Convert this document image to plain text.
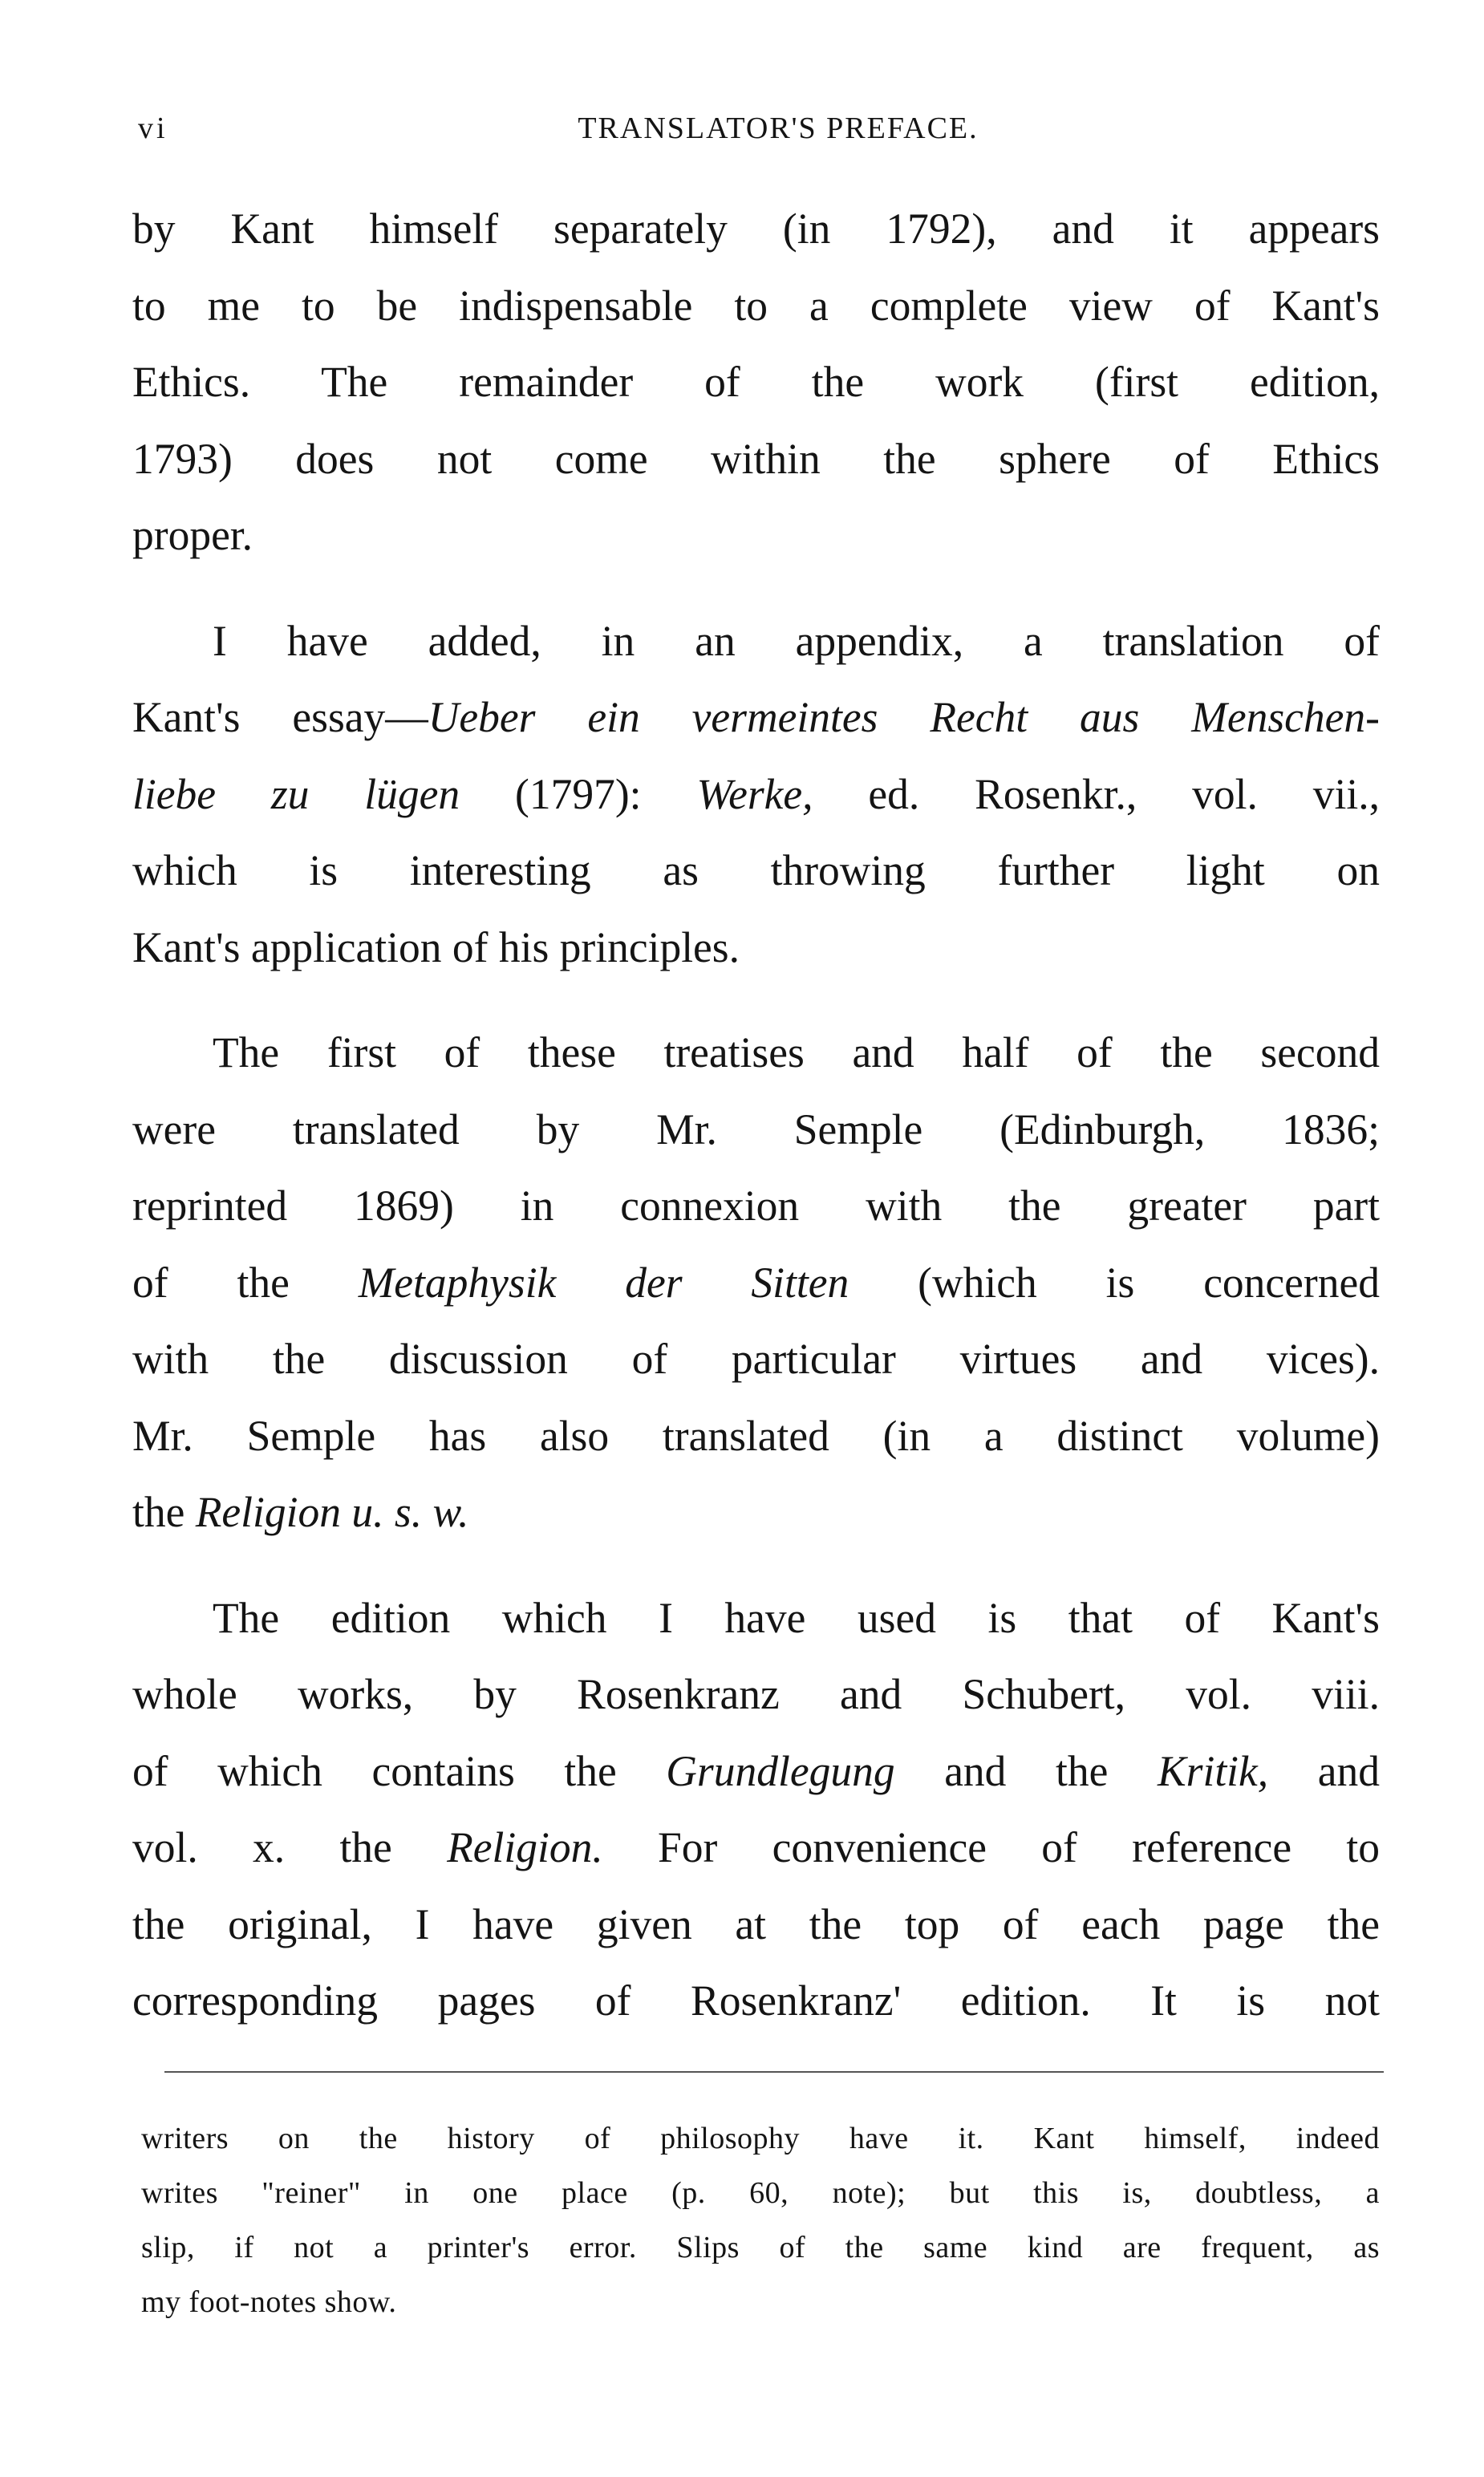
vi	TRANSLATOR'S PREFACE.
by Kant himself separately (in 1792), and it appears
to me to be indispensable to a complete view of Kant's
Ethics. The remainder of the work (first edition,
1793) does not come within the sphere of Ethics
proper.
I have added, in an appendix, a translation of
Kant's essay—Ueber ein vermeintes Recht aus Menschen-
liebe zu lügen (1797): Werke, ed. Rosenkr., vol. vii.,
which is interesting as throwing further light on
Kant's application of his principles.
The first of these treatises and half of the second
were translated by Mr. Semple (Edinburgh, 1836;
reprinted 1869) in connexion with the greater part
of the Metaphysik der Sitten (which is concerned
with the discussion of particular virtues and vices).
Mr. Semple has also translated (in a distinct volume)
the Religion u. s. w.
The edition which I have used is that of Kant's
whole works, by Rosenkranz and Schubert, vol. viii.
of which contains the Grundlegung and the Kritik, and
vol. x. the Religion. For convenience of reference to
the original, I have given at the top of each page the
corresponding pages of Rosenkranz' edition. It is not
writers on the history of philosophy have it. Kant himself, indeed
writes "reiner" in one place (p. 60, note); but this is, doubtless, a
slip, if not a printer's error. Slips of the same kind are frequent, as
my foot-notes show.
